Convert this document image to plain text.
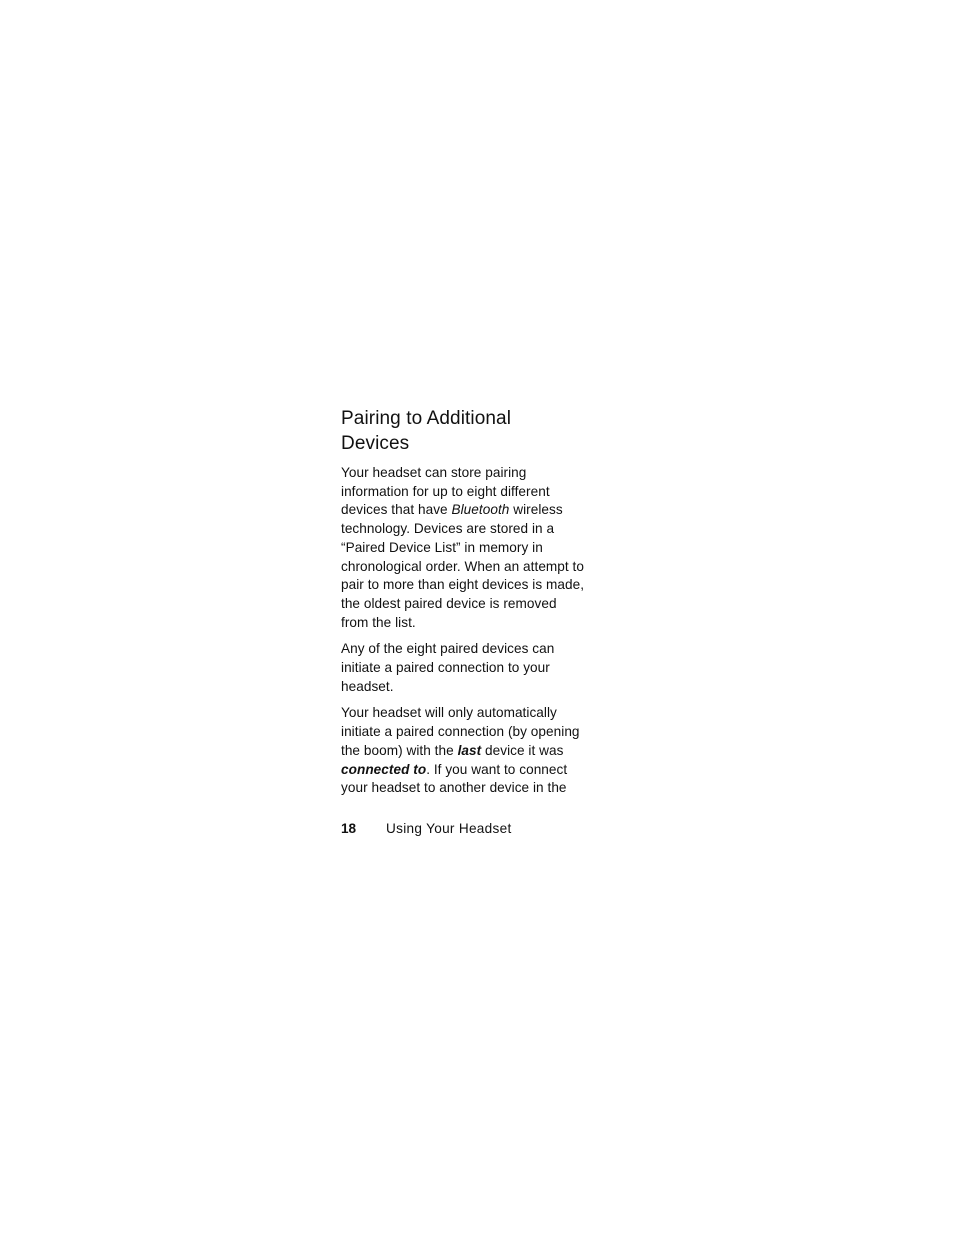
Pairing to Additional
Devices

Your headset can store pairing
information for up to eight different
devices that have Bluetooth wireless
technology. Devices are stored in a
“Paired Device List” in memory in
chronological order. When an attempt to
pair to more than eight devices is made,
the oldest paired device is removed
from the list.

Any of the eight paired devices can
initiate a paired connection to your
headset.

Your headset will only automatically
initiate a paired connection (by opening
the boom) with the last device it was
connected to. If you want to connect
your headset to another device in the

18 Using Your Headset
